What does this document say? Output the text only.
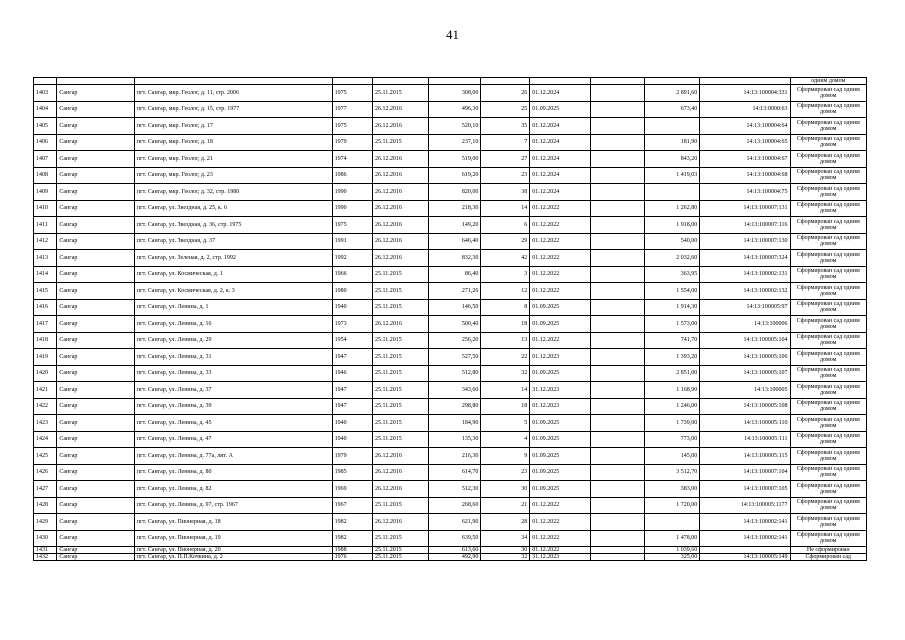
41
											одним домом
1403	Сангар	пгт. Сангар, мкр. Геолог, д. 11, стр. 2006	1975	25.11.2015	308,00	26	01.12.2024		2 891,60	14:13:100004:331	Сформирован сад одним домом
1404	Сангар	пгт. Сангар, мкр. Геолог, д. 15, стр. 1977	1977	26.12.2016	496,30	25	01.09.2025		673,40	14:13:0000:63	Сформирован сад одним домом
1405	Сангар	пгт. Сангар, мкр. Геолог, д. 17	1975	26.12.2016	520,10	35	01.12.2024			14:13:100004:64	Сформирован сад одним домом
1406	Сангар	пгт. Сангар, мкр. Геолог, д. 18	1979	25.11.2015	237,10	7	01.12.2024		181,90	14:13:100004:65	Сформирован сад одним домом
1407	Сангар	пгт. Сангар, мкр. Геолог, д. 21	1974	26.12.2016	519,00	27	01.12.2024		843,20	14:13:100004:67	Сформирован сад одним домом
1408	Сангар	пгт. Сангар, мкр. Геолог, д. 23	1986	26.12.2016	619,20	23	01.12.2024		1 419,03	14:13:100004:68	Сформирован сад одним домом
1409	Сангар	пгт. Сангар, мкр. Геолог, д. 32, стр. 1980	1990	26.12.2016	820,00	38	01.12.2024			14:13:100004:75	Сформирован сад одним домом
1410	Сангар	пгт. Сангар, ул. Звездная, д. 25, к. 6	1990	26.12.2016	218,30	14	01.12.2022		1 262,80	14:13:100007:131	Сформирован сад одним домом
1411	Сангар	пгт. Сангар, ул. Звездная, д. 36, стр. 1975	1975	26.12.2016	149,20	6	01.12.2022		1 918,00	14:13:100007:116	Сформирован сад одним домом
1412	Сангар	пгт. Сангар, ул. Звездная, д. 37	1991	26.12.2016	646,40	29	01.12.2022		540,00	14:13:100007:130	Сформирован сад одним домом
1413	Сангар	пгт. Сангар, ул. Зеленая, д. 2, стр. 1992	1992	26.12.2016	832,30	42	01.12.2022		2 032,60	14:13:100007:324	Сформирован сад одним домом
1414	Сангар	пгт. Сангар, ул. Космическая, д. 1	1966	25.11.2015	86,40	3	01.12.2022		363,95	14:13:100002:131	Сформирован сад одним домом
1415	Сангар	пгт. Сангар, ул. Космическая, д. 2, к. 3	1980	25.11.2015	271,26	12	01.12.2022		1 554,00	14:13:100002:132	Сформирован сад одним домом
1416	Сангар	пгт. Сангар, ул. Ленина, д. 1	1940	25.11.2015	146,50	8	01.09.2025		1 914,30	14:13:100005:97	Сформирован сад одним домом
1417	Сангар	пгт. Сангар, ул. Ленина, д. 16	1973	26.12.2016	500,40	18	01.09.2025		1 573,00	14:13:100006	Сформирован сад одним домом
1418	Сангар	пгт. Сангар, ул. Ленина, д. 29	1954	25.11.2015	256,20	13	01.12.2022		741,70	14:13:100005:104	Сформирован сад одним домом
1419	Сангар	пгт. Сангар, ул. Ленина, д. 31	1947	25.11.2015	527,50	22	01.12.2023		1 393,20	14:13:100005:106	Сформирован сад одним домом
1420	Сангар	пгт. Сангар, ул. Ленина, д. 33	1946	25.11.2015	512,80	32	01.09.2025		2 851,00	14:13:100005:107	Сформирован сад одним домом
1421	Сангар	пгт. Сангар, ул. Ленина, д. 37	1947	25.11.2015	343,60	14	31.12.2023		1 168,90	14:13:100005	Сформирован сад одним домом
1422	Сангар	пгт. Сангар, ул. Ленина, д. 39	1947	25.11.2015	298,80	18	01.12.2023		1 246,00	14:13:100005:108	Сформирован сад одним домом
1423	Сангар	пгт. Сангар, ул. Ленина, д. 45	1940	25.11.2015	184,90	5	01.09.2025		1 739,00	14:13:100005:110	Сформирован сад одним домом
1424	Сангар	пгт. Сангар, ул. Ленина, д. 47	1940	25.11.2015	135,30	4	01.09.2025		773,00	14:13:100005:111	Сформирован сад одним домом
1425	Сангар	пгт. Сангар, ул. Ленина, д. 77а, лит. А	1979	26.12.2016	216,30	9	01.09.2025		145,00	14:13:100005:115	Сформирован сад одним домом
1426	Сангар	пгт. Сангар, ул. Ленина, д. 80	1985	26.12.2016	614,70	23	01.09.2025		3 512,70	14:13:100007:104	Сформирован сад одним домом
1427	Сангар	пгт. Сангар, ул. Ленина, д. 82	1969	26.12.2016	512,30	30	01.09.2025		383,00	14:13:100007:105	Сформирован сад одним домом
1428	Сангар	пгт. Сангар, ул. Ленина, д. 97, стр. 1967	1967	25.11.2015	268,60	21	01.12.2022		1 720,00	14:13:100005:1177	Сформирован сад одним домом
1429	Сангар	пгт. Сангар, ул. Пионерная, д. 18	1982	26.12.2016	621,90	28	01.12.2022			14:13:100002:141	Сформирован сад одним домом
1430	Сангар	пгт. Сангар, ул. Пионерная, д. 19	1982	25.11.2015	639,50	34	01.12.2022		1 478,00	14:13:100002:141	Сформирован сад одним домом
1431	Сангар	пгт. Сангар, ул. Пионерная, д. 20	1988	25.11.2015	613,60	30	01.12.2022		1 039,60		Не сформирован
1432	Сангар	пгт. Сангар, ул. П.П.Кочкина, д. 2	1976	25.11.2015	492,90	32	31.12.2023		325,00	14:13:100005:149	Сформирован сад
